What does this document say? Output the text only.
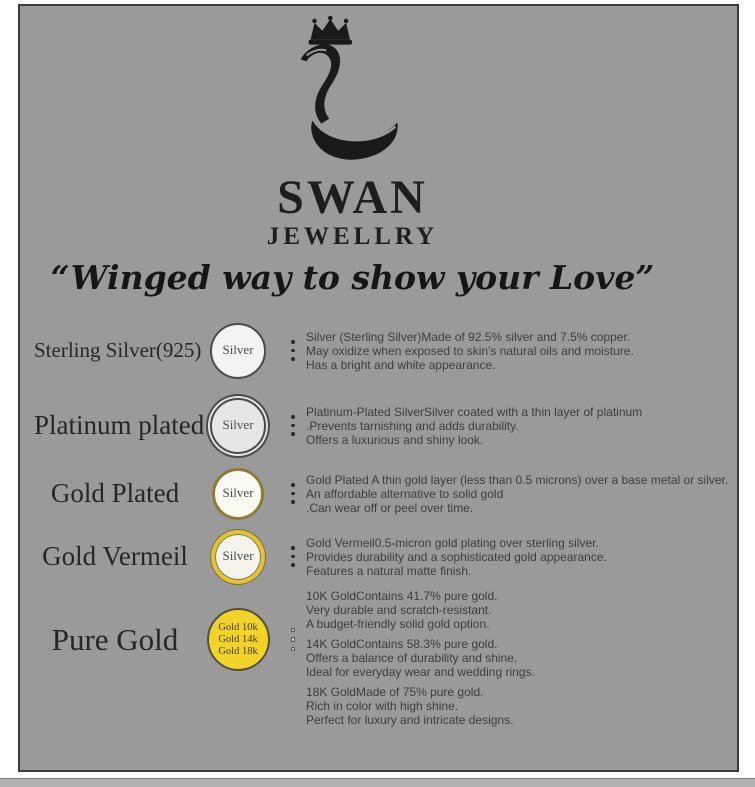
SWAN
JEWELLRY
“Winged way to show your Love”
Sterling Silver(925) Silver
Silver (Sterling Silver)Made of 92.5% silver and 7.5% copper.
May oxidize when exposed to skin's natural oils and moisture.
Has a bright and white appearance.
Platinum plated Silver
Platinum-Plated SilverSilver coated with a thin layer of platinum
.Prevents tarnishing and adds durability.
Offers a luxurious and shiny look.
Gold Plated	Silver
Gold Plated A thin gold layer (less than 0.5 microns) over a base metal or silver.
An affordable alternative to solid gold
.Can wear off or peel over time.
Gold Vermeil	Silver
Gold Vermeil0.5-micron gold plating over sterling silver.
Provides durability and a sophisticated gold appearance.
Features a natural matte finish.
Pure Gold	Gold 10k
Gold 14k
Gold 18k
10K GoldContains 41.7% pure gold.
Very durable and scratch-resistant.
A budget-friendly solid gold option.
14K GoldContains 58.3% pure gold.
Offers a balance of durability and shine.
Ideal for everyday wear and wedding rings.
18K GoldMade of 75% pure gold.
Rich in color with high shine.
Perfect for luxury and intricate designs.
